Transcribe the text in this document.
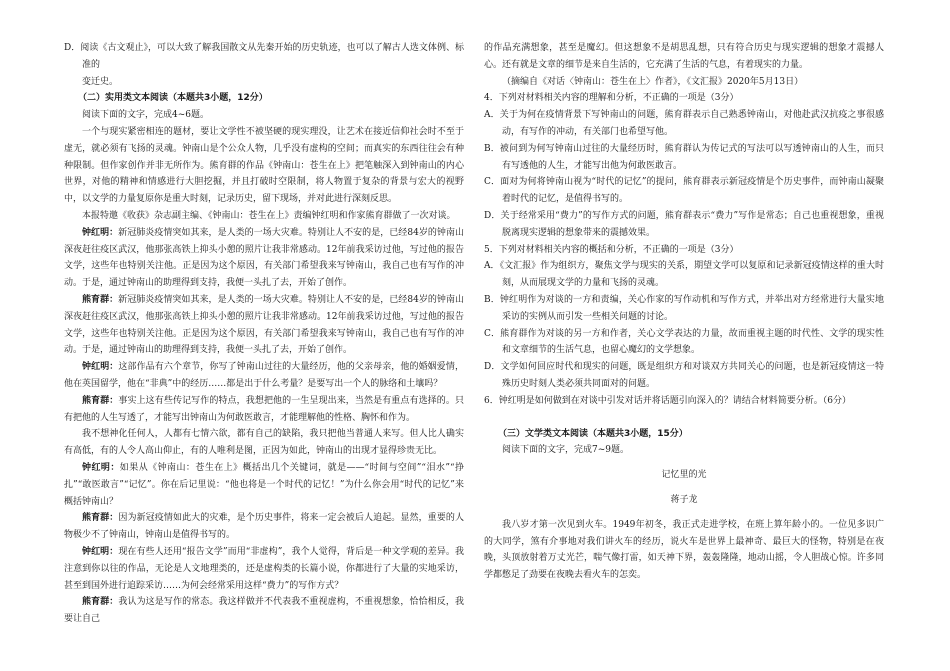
D．阅读《古文观止》，可以大致了解我国散文从先秦开始的历史轨迹，也可以了解古人选文体例、标准的

变迁史。

（二）实用类文本阅读（本题共3小题，12分）

阅读下面的文字，完成4~6题。

一个与现实紧密相连的题材，要让文学性不被坚硬的现实理没，让艺术在接近信仰社会时不至于虚无，就必须有飞扬的灵魂。钟南山是个公众人物，几乎没有虚构的空间；而真实的东西往往会有种种限制。但作家创作并非无所作为。熊育群的作品《钟南山：苍生在上》把笔触深入到钟南山的内心世界，对他的精神和情感进行大胆挖掘，并且打破时空限制，将人物置于复杂的背景与宏大的视野中，以文学的力量复原你是重大时刻，记录历史，留下现场，并对此进行深刻反思。

本报特邀《收获》杂志副主编、《钟南山：苍生在上》责编钟红明和作家熊育群做了一次对谈。

钟红明：新冠肺炎疫情突如其来，是人类的一场大灾难。特别让人不安的是，已经84岁的钟南山深夜赶往疫区武汉，他那张高铁上抑头小憩的照片让我非常感动。12年前我采访过他，写过他的报告文学，这些年也特别关注他。正是因为这个原因，有关部门希望我来写钟南山，我自己也有写作的冲动。于是，通过钟南山的助理得到支持，我便一头扎了去，开始了创作。

熊育群：新冠肺炎疫情突如其来，是人类的一场大灾难。特别让人不安的是，已经84岁的钟南山深夜赶往疫区武汉，他那张高铁上抑头小憩的照片让我非常感动。12年前我采访过他，写过他的报告文学，这些年也特别关注他。正是因为这个原因，有关部门希望我来写钟南山，我自己也有写作的冲动。于是，通过钟南山的助理得到支持，我便一头扎了去，开始了创作。

钟红明：这部作品有六个章节，你写了钟南山过往的大量经历，他的父亲母亲，他的婚姻爱情，他在英国留学，他在“非典”中的经历……都是出于什么考量？是要写出一个人的脉络和土壤吗？

熊育群：事实上这有些传记写作的特点，我想把他的一生呈现出来，当然是有重点有选择的。只有把他的人生写透了，才能写出钟南山为何敢医敢言，才能理解他的性格、胸怀和作为。

我不想神化任何人，人都有七情六欲，都有自己的缺陷，我只把他当普通人来写。但人比人确实有高低，有的人令人高山仰止，有的人唯利是图，正因为如此，钟南山的出现才显得珍贵无比。

钟红明：如果从《钟南山：苍生在上》概括出几个关键词，就是——“时间与空间”“泪水”“挣扎”“敢医敢言”“记忆”。你在后记里说：“他也将是一个时代的记忆！”为什么你会用“时代的记忆”来概括钟南山？

熊育群：因为新冠疫情如此大的灾难，是个历史事件，将来一定会被后人追起。显然，重要的人物极少不了钟南山，钟南山是值得书写的。

钟红明：现在有些人还用“报告文学”而用“非虚构”，我个人觉得，背后是一种文学观的差异。我注意到你以往的作品，无论是人文地理类的，还是虚构类的长篇小说，你都进行了大量的实地采访，甚至到国外进行追踪采访……为何会经常采用这样“费力”的写作方式？

熊育群：我认为这是写作的常态。我这样做并不代表我不重视虚构，不重视想象，恰恰相反，我要让自己

的作品充满想象，甚至是魔幻。但这想象不是胡思乱想，只有符合历史与现实逻辑的想象才震撼人心。还有就是文章的细节是来自生活的，它充满了生活的气息，有着现实的力量。

（摘编自《对话〈钟南山：苍生在上〉作者》，《文汇报》2020年5月13日）

4．下列对材料相关内容的理解和分析，不正确的一项是（3分）

A．关于为何在疫情背景下写钟南山的问题，熊育群表示自己熟悉钟南山，对他赴武汉抗疫之事很感动，有写作的冲动，有关部门也希望写他。

B．被问到为何写钟南山过往的大量经历时，熊育群认为传记式的写法可以写透钟南山的人生，而只有写透他的人生，才能写出他为何敢医敢言。

C．面对为何将钟南山视为“时代的记忆”的提问，熊育群表示新冠疫情是个历史事件，而钟南山凝聚着时代的记忆，是值得书写的。

D．关于经常采用“费力”的写作方式的问题，熊育群表示“费力”写作是常态；自己也重视想象，重视脱离现实逻辑的想象带来的震撼效果。

5．下列对材料相关内容的概括和分析，不正确的一项是（3分）

A．《文汇报》作为组织方，聚焦文学与现实的关系，期望文学可以复原和记录新冠疫情这样的重大时刻，从而展现文学的力量和飞扬的灵魂。

B．钟红明作为对谈的一方和责编，关心作家的写作动机和写作方式，并举出对方经常进行大量实地采访的实例从而引发一些相关问题的讨论。

C．熊育群作为对谈的另一方和作者，关心文学表达的力量，故而重视主题的时代性、文学的现实性和文章细节的生活气息，也留心魔幻的文学想象。

D．文学如何回应时代和现实的问题，既是组织方和对谈双方共同关心的问题，也是新冠疫情这一特殊历史时刻人类必须共同面对的问题。

6．钟红明是如何做到在对谈中引发对话并将话题引向深入的？请结合材料简要分析。（6分）

（三）文学类文本阅读（本题共3小题，15分）

阅读下面的文字，完成7~9题。

记忆里的光

蒋子龙

我八岁才第一次见到火车。1949年初冬，我正式走进学校，在班上算年龄小的。一位见多识广的大同学，煞有介事地对我们讲火车的经历，说火车是世界上最神奇、最巨大的怪物，特别是在夜晚，头顶放射着万丈光芒，喘气像打雷，如天神下界，轰轰隆隆，地动山摇，令人胆战心惊。许多同学都憋足了劲要在夜晚去看火车的怎奕。
